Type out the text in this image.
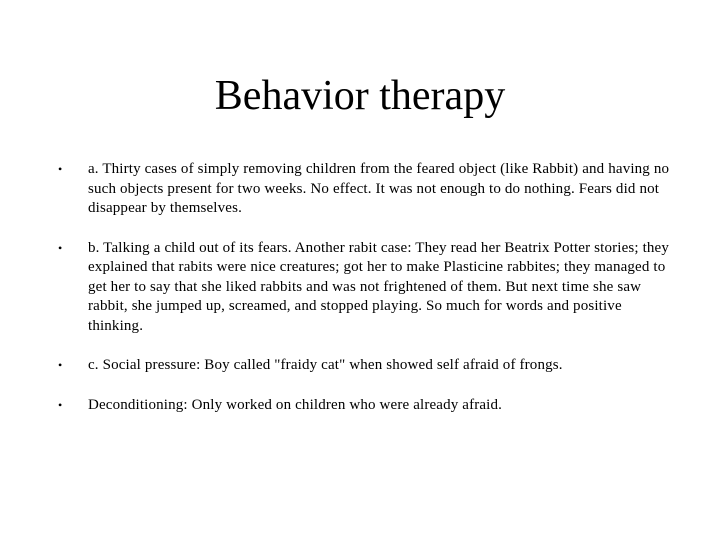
Behavior therapy
•	a. Thirty cases of simply removing children from the feared object (like Rabbit) and having no such objects present for two weeks. No effect. It was not enough to do nothing. Fears did not disappear by themselves.
•	b. Talking a child out of its fears. Another rabit case: They read her Beatrix Potter stories; they explained that rabits were nice creatures; got her to make Plasticine rabbites; they managed to get her to say that she liked rabbits and was not frightened of them. But next time she saw rabbit, she jumped up, screamed, and stopped playing. So much for words and positive thinking.
•	c. Social pressure: Boy called "fraidy cat" when showed self afraid of frongs.
•	Deconditioning: Only worked on children who were already afraid.
